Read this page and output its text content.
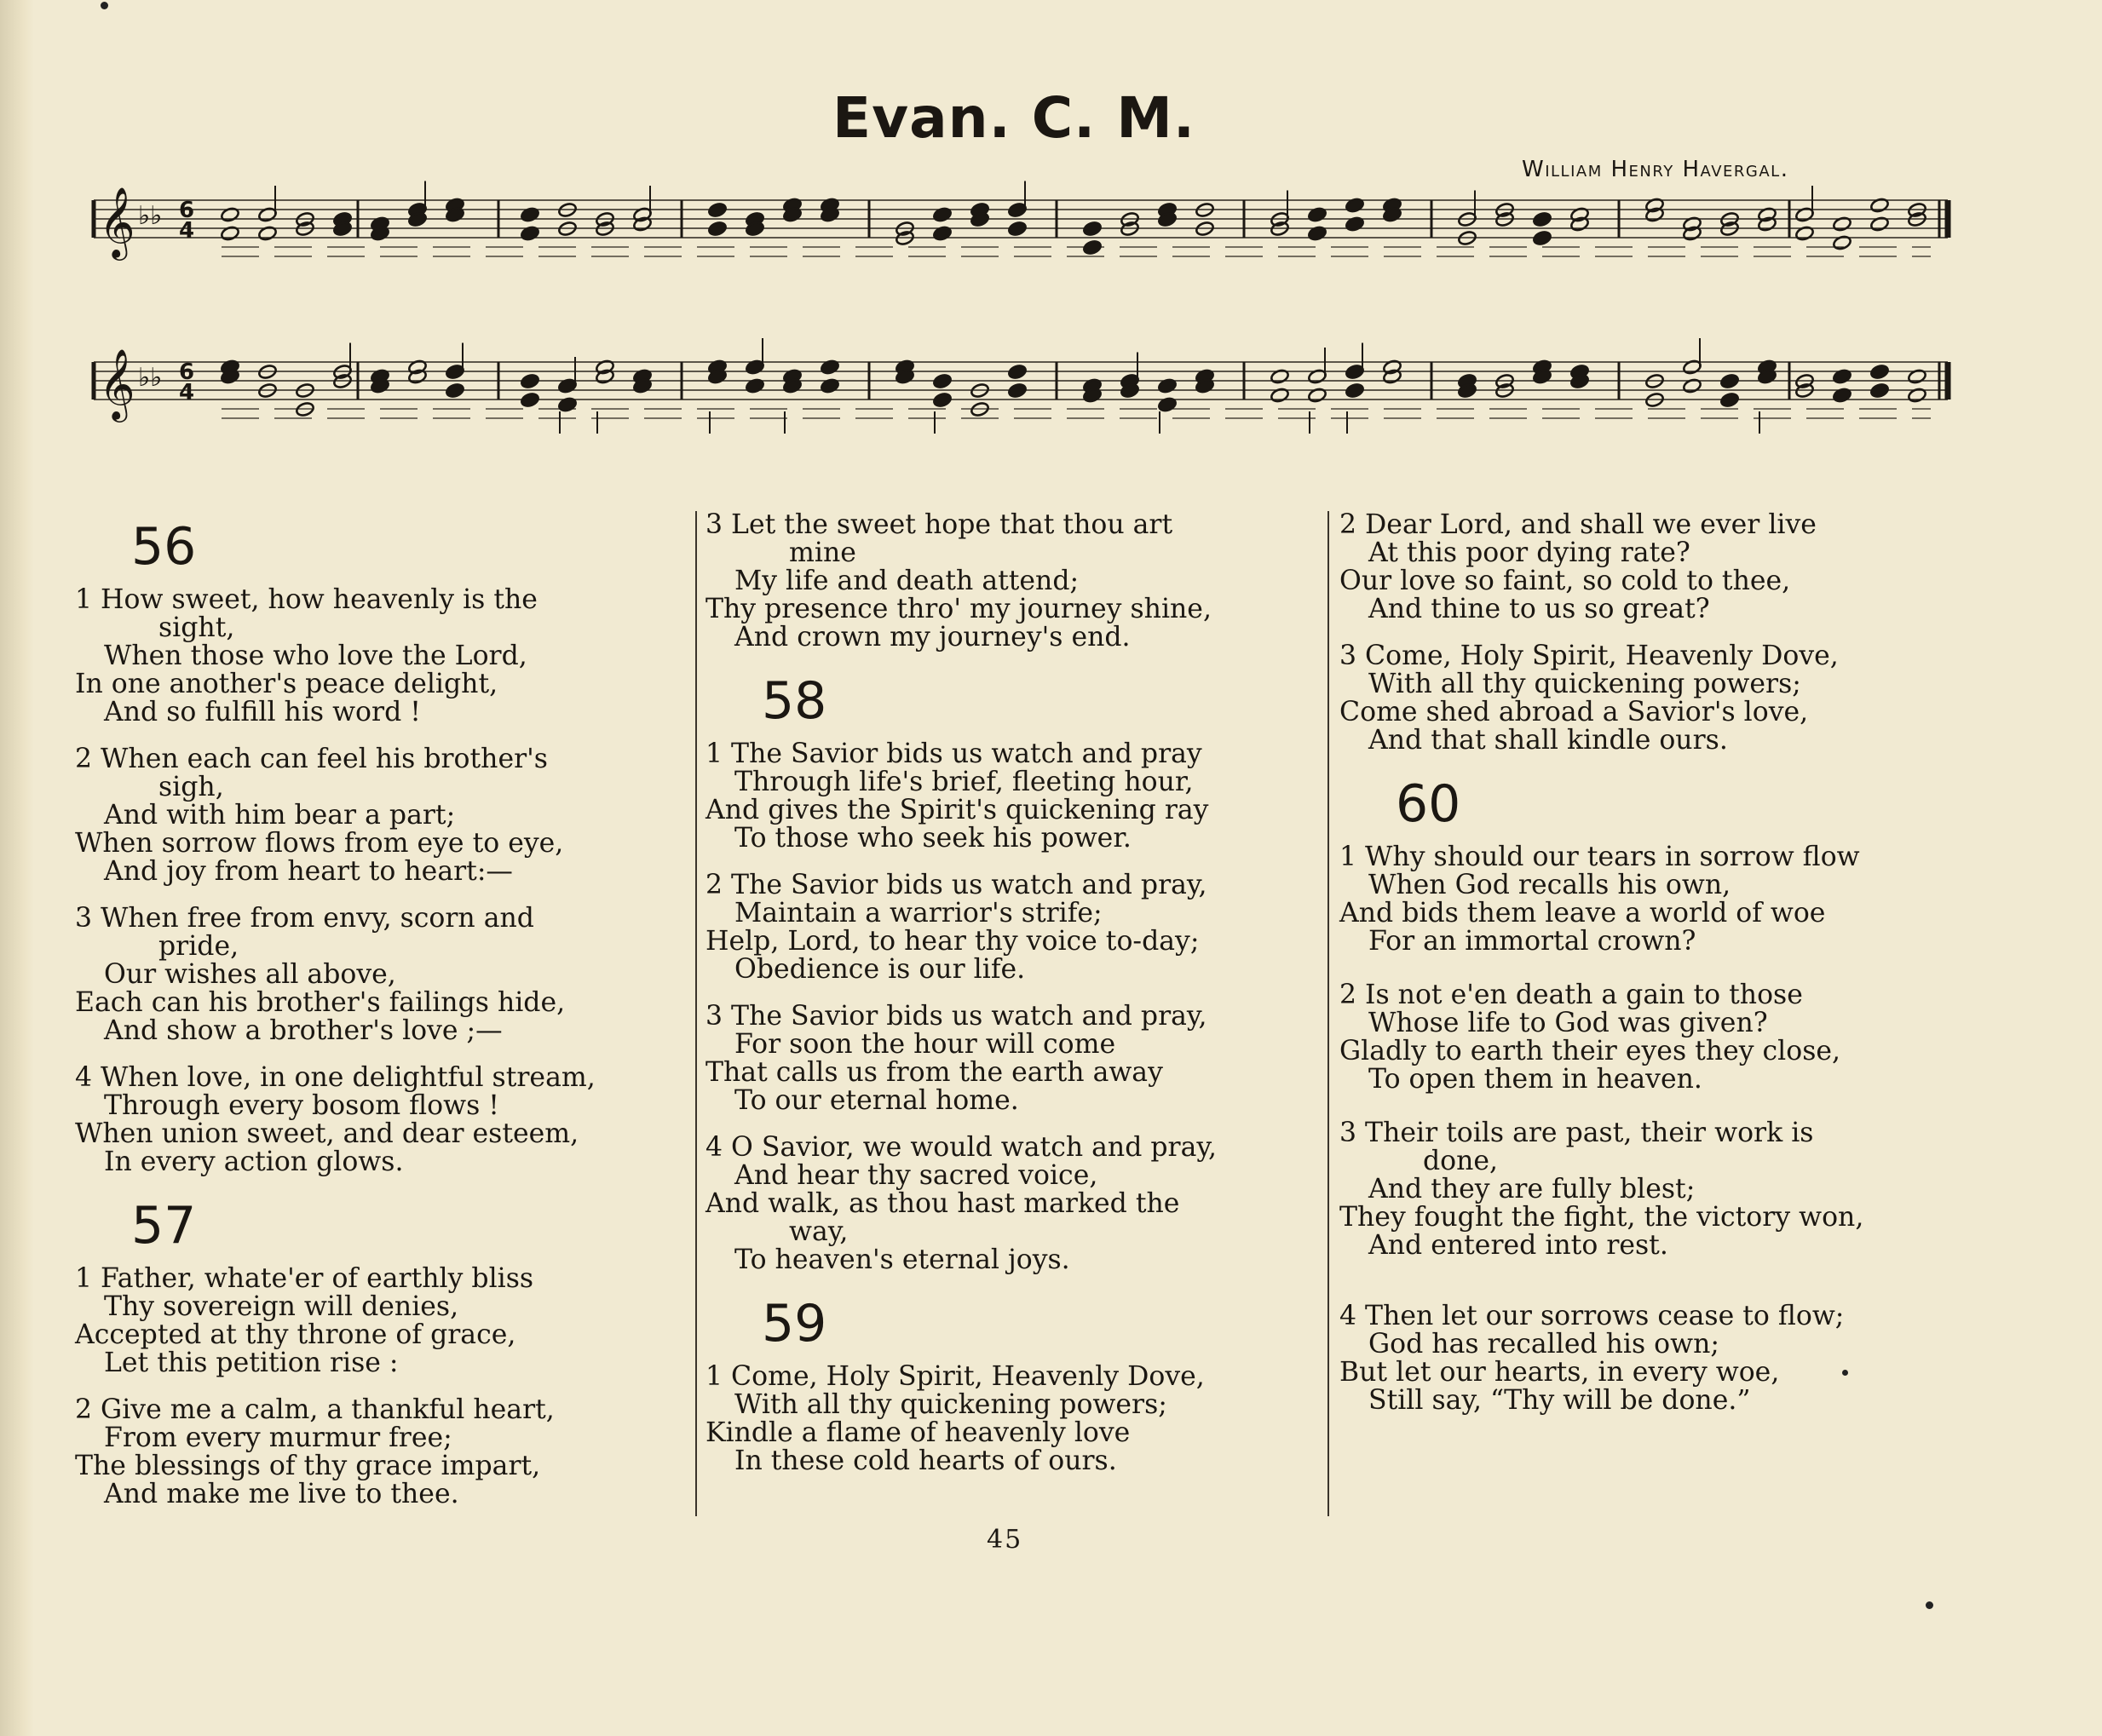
Evan. C. M.
William Henry Havergal.
𝄞 ♭♭ 6
4
𝄞 ♭♭ 6
4
56
1 How sweet, how heavenly is the
sight,
When those who love the Lord,
In one another's peace delight,
And so fulfill his word !
2 When each can feel his brother's
sigh,
And with him bear a part;
When sorrow flows from eye to eye,
And joy from heart to heart:—
3 When free from envy, scorn and
pride,
Our wishes all above,
Each can his brother's failings hide,
And show a brother's love ;—
4 When love, in one delightful stream,
Through every bosom flows !
When union sweet, and dear esteem,
In every action glows.
57
1 Father, whate'er of earthly bliss
Thy sovereign will denies,
Accepted at thy throne of grace,
Let this petition rise :
2 Give me a calm, a thankful heart,
From every murmur free;
The blessings of thy grace impart,
And make me live to thee.
3 Let the sweet hope that thou art
mine
My life and death attend;
Thy presence thro' my journey shine,
And crown my journey's end.
58
1 The Savior bids us watch and pray
Through life's brief, fleeting hour,
And gives the Spirit's quickening ray
To those who seek his power.
2 The Savior bids us watch and pray,
Maintain a warrior's strife;
Help, Lord, to hear thy voice to-day;
Obedience is our life.
3 The Savior bids us watch and pray,
For soon the hour will come
That calls us from the earth away
To our eternal home.
4 O Savior, we would watch and pray,
And hear thy sacred voice,
And walk, as thou hast marked the
way,
To heaven's eternal joys.
59
1 Come, Holy Spirit, Heavenly Dove,
With all thy quickening powers;
Kindle a flame of heavenly love
In these cold hearts of ours.
2 Dear Lord, and shall we ever live
At this poor dying rate?
Our love so faint, so cold to thee,
And thine to us so great?
3 Come, Holy Spirit, Heavenly Dove,
With all thy quickening powers;
Come shed abroad a Savior's love,
And that shall kindle ours.
60
1 Why should our tears in sorrow flow
When God recalls his own,
And bids them leave a world of woe
For an immortal crown?
2 Is not e'en death a gain to those
Whose life to God was given?
Gladly to earth their eyes they close,
To open them in heaven.
3 Their toils are past, their work is
done,
And they are fully blest;
They fought the fight, the victory won,
And entered into rest.
4 Then let our sorrows cease to flow;
God has recalled his own;
But let our hearts, in every woe,
Still say, “Thy will be done.”
45
